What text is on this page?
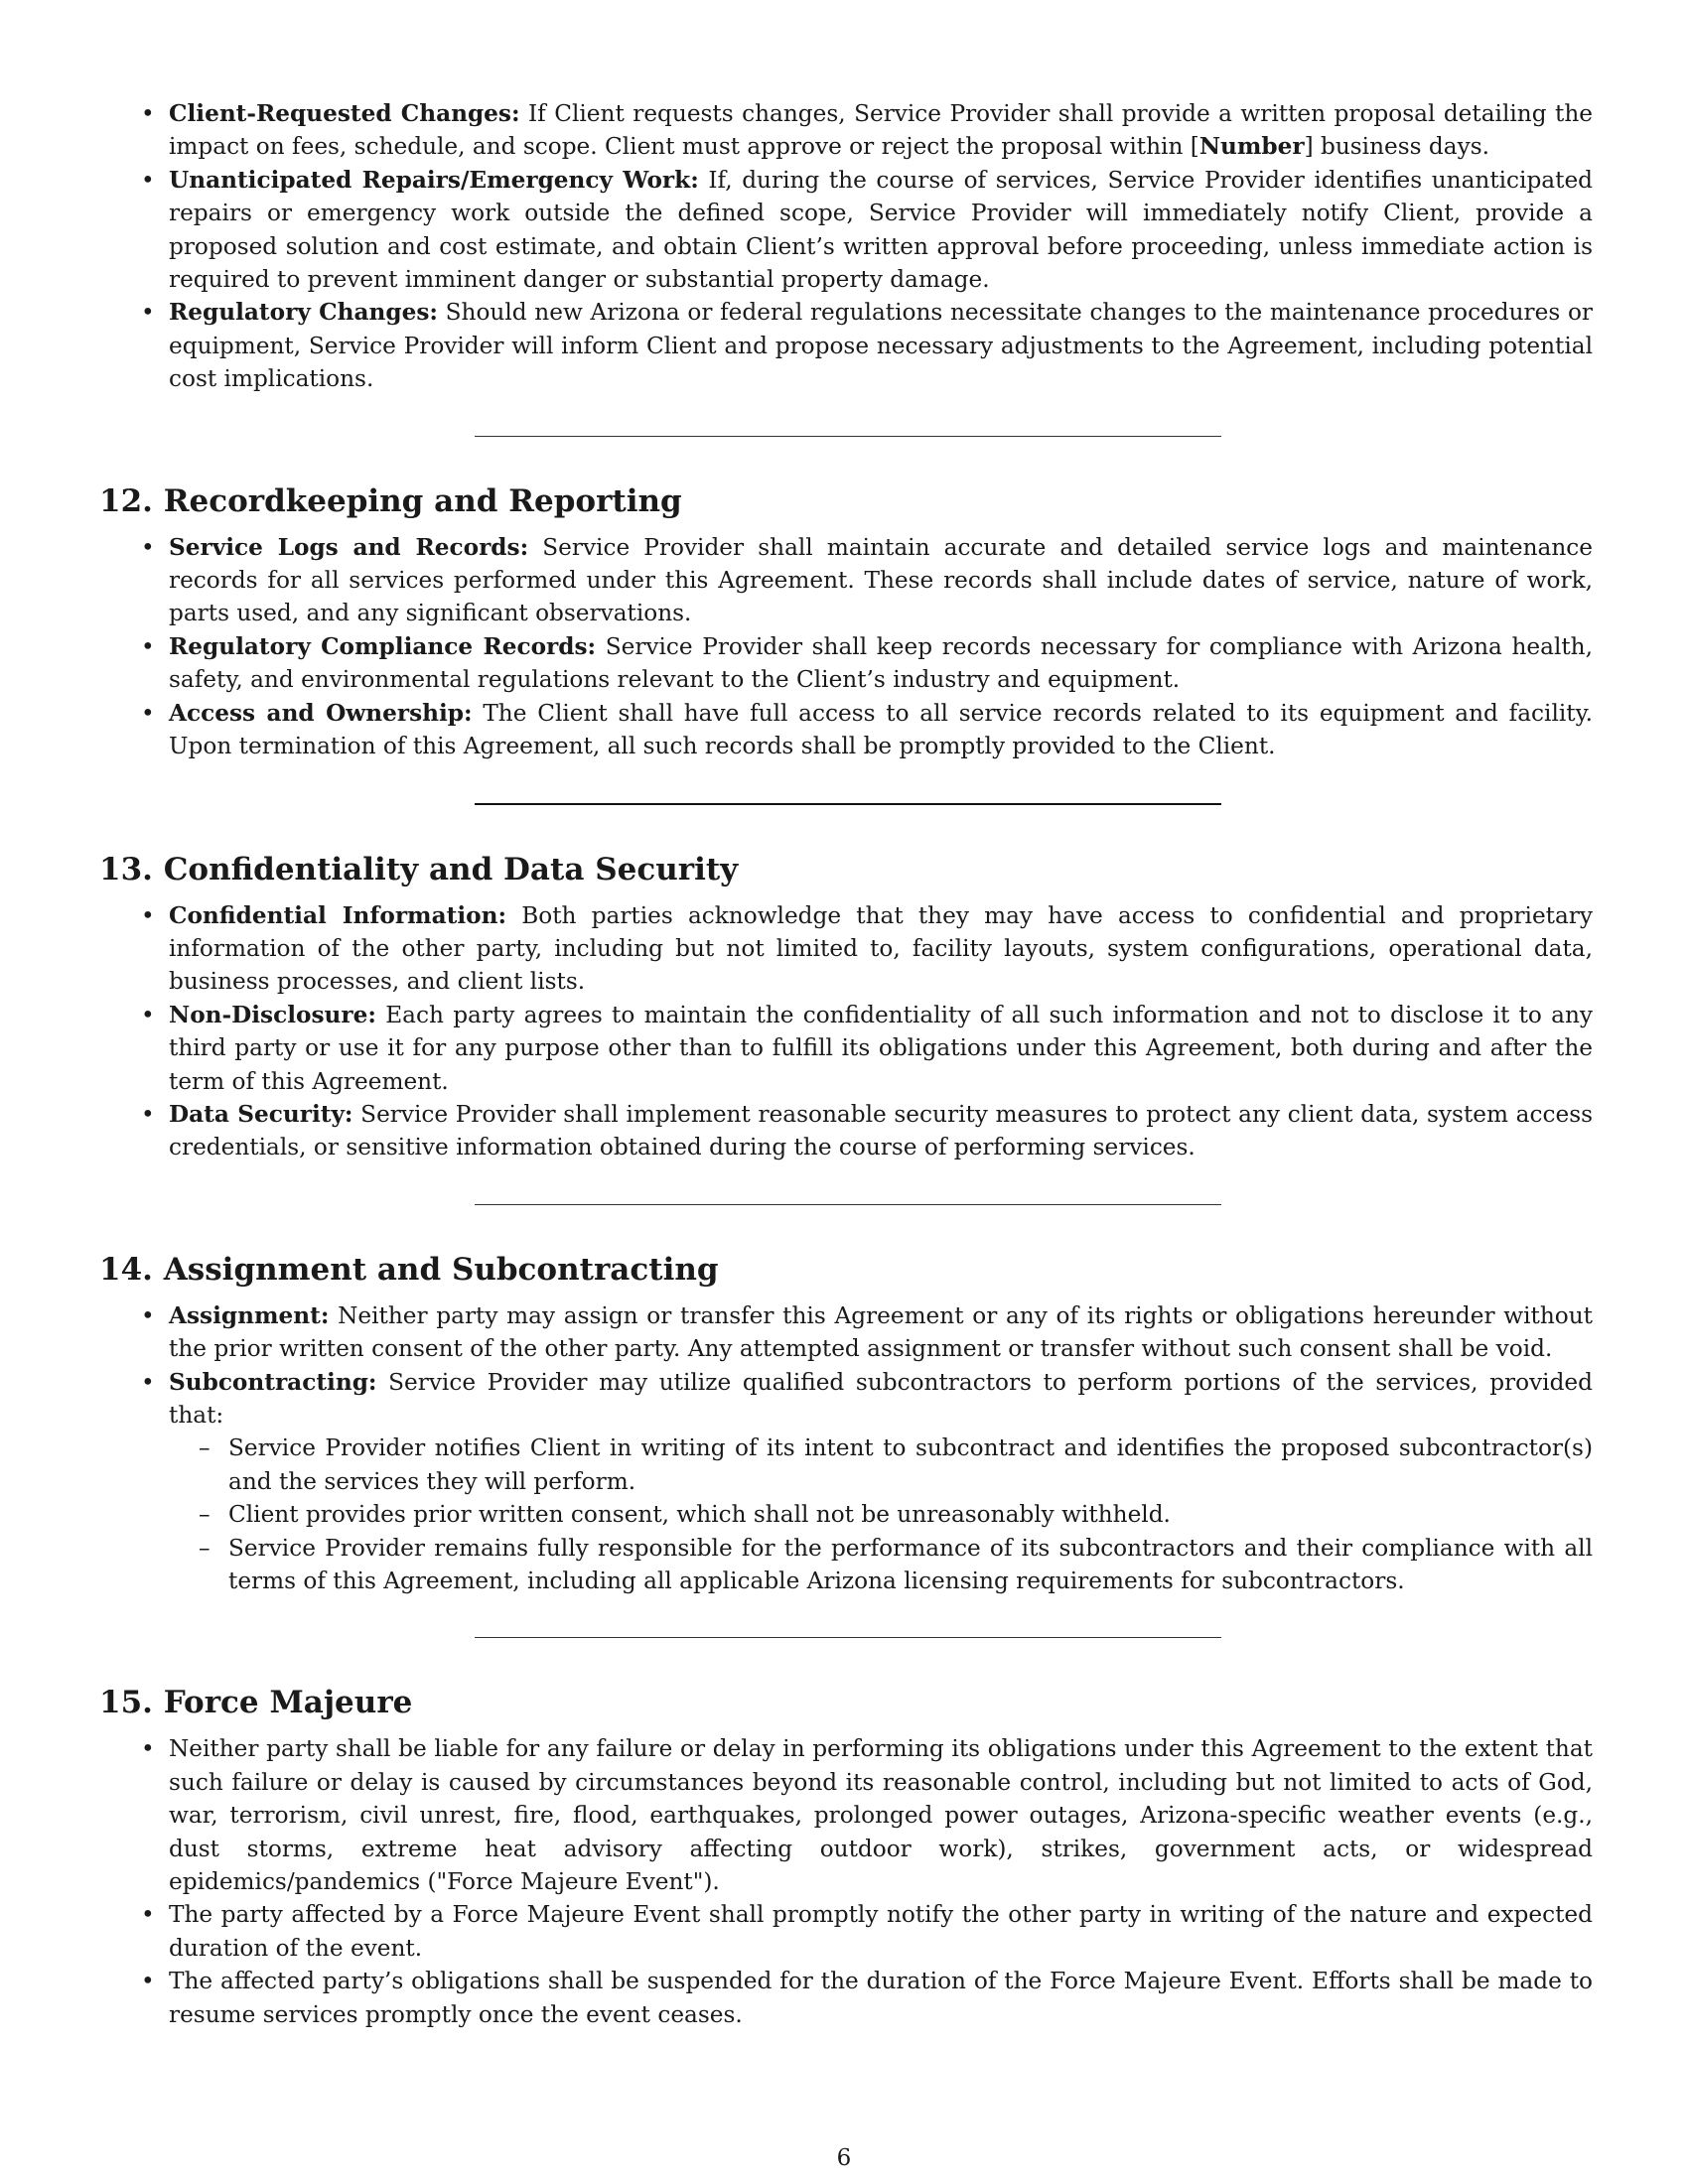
• Client-Requested Changes: If Client requests changes, Service Provider shall provide a written proposal detailing the impact on fees, schedule, and scope. Client must approve or reject the proposal within [Number] business days.
• Unanticipated Repairs/Emergency Work: If, during the course of services, Service Provider identifies unanticipated repairs or emergency work outside the defined scope, Service Provider will immediately notify Client, provide a proposed solution and cost estimate, and obtain Client’s written approval before proceeding, unless immediate action is required to prevent imminent danger or substantial property damage.
• Regulatory Changes: Should new Arizona or federal regulations necessitate changes to the maintenance procedures or equipment, Service Provider will inform Client and propose necessary adjustments to the Agreement, including potential cost implications.
12. Recordkeeping and Reporting
• Service Logs and Records: Service Provider shall maintain accurate and detailed service logs and maintenance records for all services performed under this Agreement. These records shall include dates of service, nature of work, parts used, and any significant observations.
• Regulatory Compliance Records: Service Provider shall keep records necessary for compliance with Arizona health, safety, and environmental regulations relevant to the Client’s industry and equipment.
• Access and Ownership: The Client shall have full access to all service records related to its equipment and facility. Upon termination of this Agreement, all such records shall be promptly provided to the Client.
13. Confidentiality and Data Security
• Confidential Information: Both parties acknowledge that they may have access to confidential and proprietary information of the other party, including but not limited to, facility layouts, system configurations, operational data, business processes, and client lists.
• Non-Disclosure: Each party agrees to maintain the confidentiality of all such information and not to disclose it to any third party or use it for any purpose other than to fulfill its obligations under this Agreement, both during and after the term of this Agreement.
• Data Security: Service Provider shall implement reasonable security measures to protect any client data, system access credentials, or sensitive information obtained during the course of performing services.
14. Assignment and Subcontracting
• Assignment: Neither party may assign or transfer this Agreement or any of its rights or obligations hereunder without the prior written consent of the other party. Any attempted assignment or transfer without such consent shall be void.
• Subcontracting: Service Provider may utilize qualified subcontractors to perform portions of the services, provided that:
– Service Provider notifies Client in writing of its intent to subcontract and identifies the proposed subcontractor(s) and the services they will perform.
– Client provides prior written consent, which shall not be unreasonably withheld.
– Service Provider remains fully responsible for the performance of its subcontractors and their compliance with all terms of this Agreement, including all applicable Arizona licensing requirements for subcontractors.
15. Force Majeure
• Neither party shall be liable for any failure or delay in performing its obligations under this Agreement to the extent that such failure or delay is caused by circumstances beyond its reasonable control, including but not limited to acts of God, war, terrorism, civil unrest, fire, flood, earthquakes, prolonged power outages, Arizona-specific weather events (e.g., dust storms, extreme heat advisory affecting outdoor work), strikes, government acts, or widespread epidemics/pandemics ("Force Majeure Event").
• The party affected by a Force Majeure Event shall promptly notify the other party in writing of the nature and expected duration of the event.
• The affected party’s obligations shall be suspended for the duration of the Force Majeure Event. Efforts shall be made to resume services promptly once the event ceases.
6
